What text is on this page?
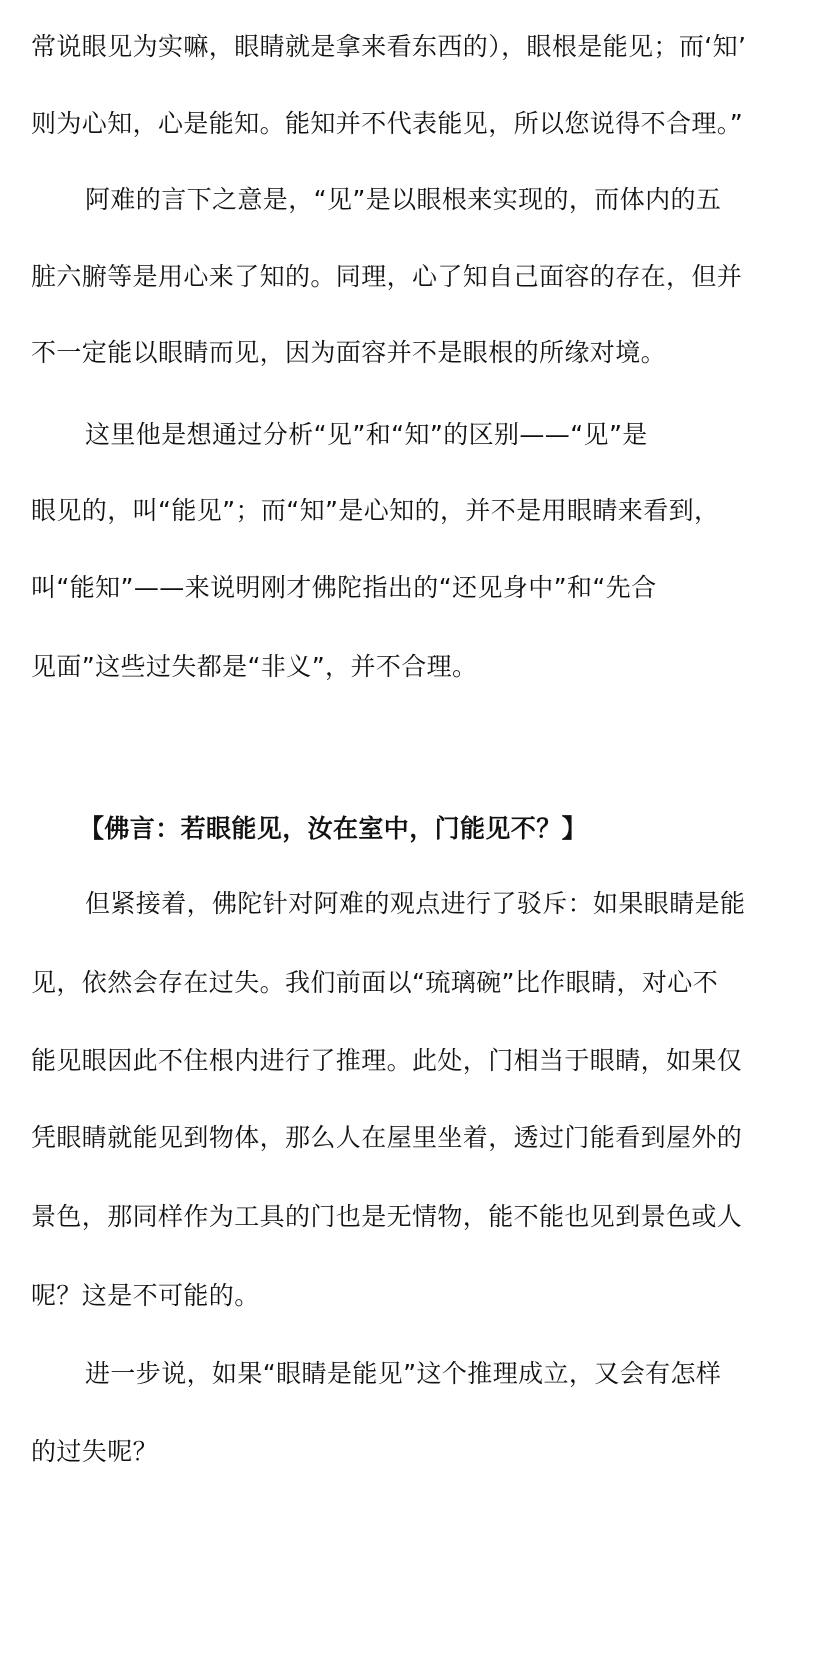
常说眼见为实嘛，眼睛就是拿来看东西的），眼根是能见；而‘知’
则为心知，心是能知。能知并不代表能见，所以您说得不合理。”
阿难的言下之意是，“见”是以眼根来实现的，而体内的五
脏六腑等是用心来了知的。同理，心了知自己面容的存在，但并
不一定能以眼睛而见，因为面容并不是眼根的所缘对境。
这里他是想通过分析“见”和“知”的区别——“见”是
眼见的，叫“能见”；而“知”是心知的，并不是用眼睛来看到，
叫“能知”——来说明刚才佛陀指出的“还见身中”和“先合
见面”这些过失都是“非义”，并不合理。
【佛言：若眼能见，汝在室中，门能见不？】
但紧接着，佛陀针对阿难的观点进行了驳斥：如果眼睛是能
见，依然会存在过失。我们前面以“琉璃碗”比作眼睛，对心不
能见眼因此不住根内进行了推理。此处，门相当于眼睛，如果仅
凭眼睛就能见到物体，那么人在屋里坐着，透过门能看到屋外的
景色，那同样作为工具的门也是无情物，能不能也见到景色或人
呢？这是不可能的。
进一步说，如果“眼睛是能见”这个推理成立，又会有怎样
的过失呢？
